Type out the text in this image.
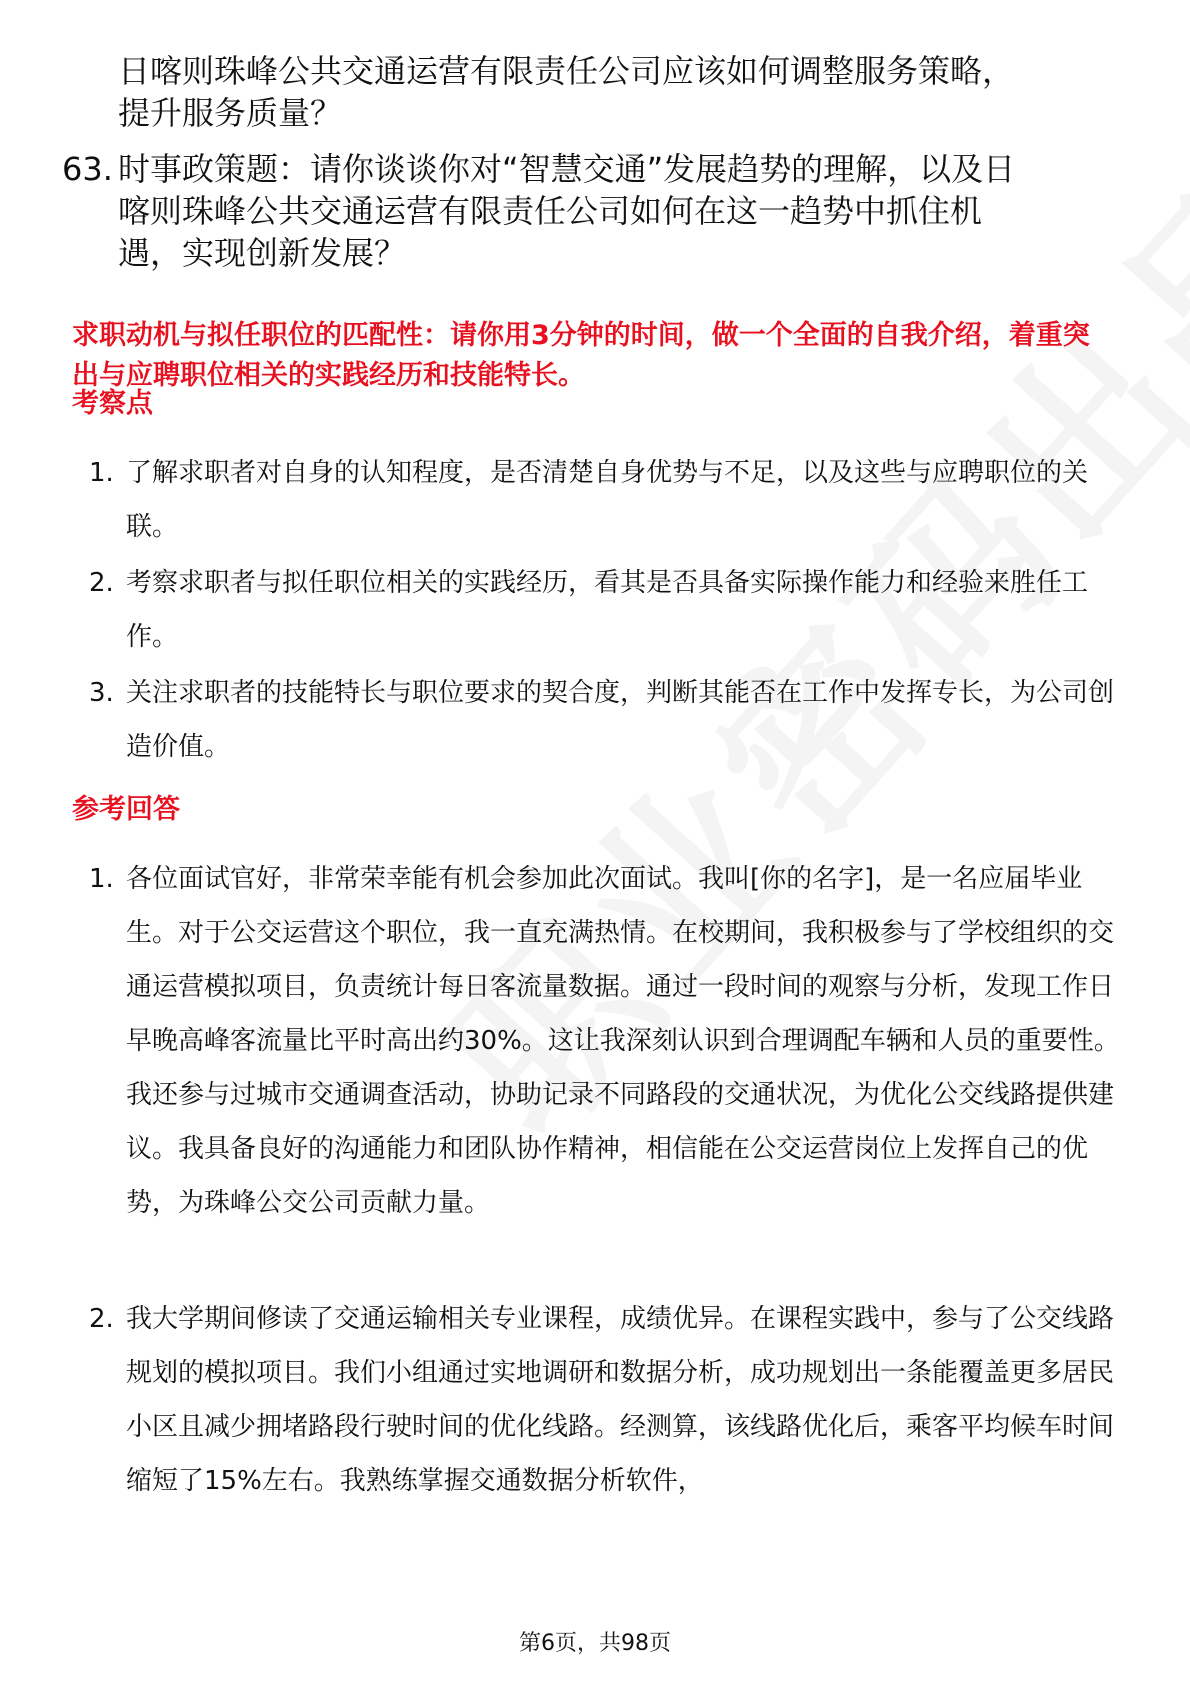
日喀则珠峰公共交通运营有限责任公司应该如何调整服务策略，
提升服务质量？
63. 时事政策题：请你谈谈你对“智慧交通”发展趋势的理解，以及日
喀则珠峰公共交通运营有限责任公司如何在这一趋势中抓住机
遇，实现创新发展？
求职动机与拟任职位的匹配性：请你用3分钟的时间，做一个全面的自我介绍，着重突出与应聘职位相关的实践经历和技能特长。
考察点
1. 了解求职者对自身的认知程度，是否清楚自身优势与不足，以及这些与应聘职位的关联。
2. 考察求职者与拟任职位相关的实践经历，看其是否具备实际操作能力和经验来胜任工作。
3. 关注求职者的技能特长与职位要求的契合度，判断其能否在工作中发挥专长，为公司创造价值。
参考回答
1. 各位面试官好，非常荣幸能有机会参加此次面试。我叫[你的名字]，是一名应届毕业生。对于公交运营这个职位，我一直充满热情。在校期间，我积极参与了学校组织的交通运营模拟项目，负责统计每日客流量数据。通过一段时间的观察与分析，发现工作日早晚高峰客流量比平时高出约30%。这让我深刻认识到合理调配车辆和人员的重要性。我还参与过城市交通调查活动，协助记录不同路段的交通状况，为优化公交线路提供建议。我具备良好的沟通能力和团队协作精神，相信能在公交运营岗位上发挥自己的优势，为珠峰公交公司贡献力量。
2. 我大学期间修读了交通运输相关专业课程，成绩优异。在课程实践中，参与了公交线路规划的模拟项目。我们小组通过实地调研和数据分析，成功规划出一条能覆盖更多居民小区且减少拥堵路段行驶时间的优化线路。经测算，该线路优化后，乘客平均候车时间缩短了15%左右。我熟练掌握交通数据分析软件，
第6页，共98页
